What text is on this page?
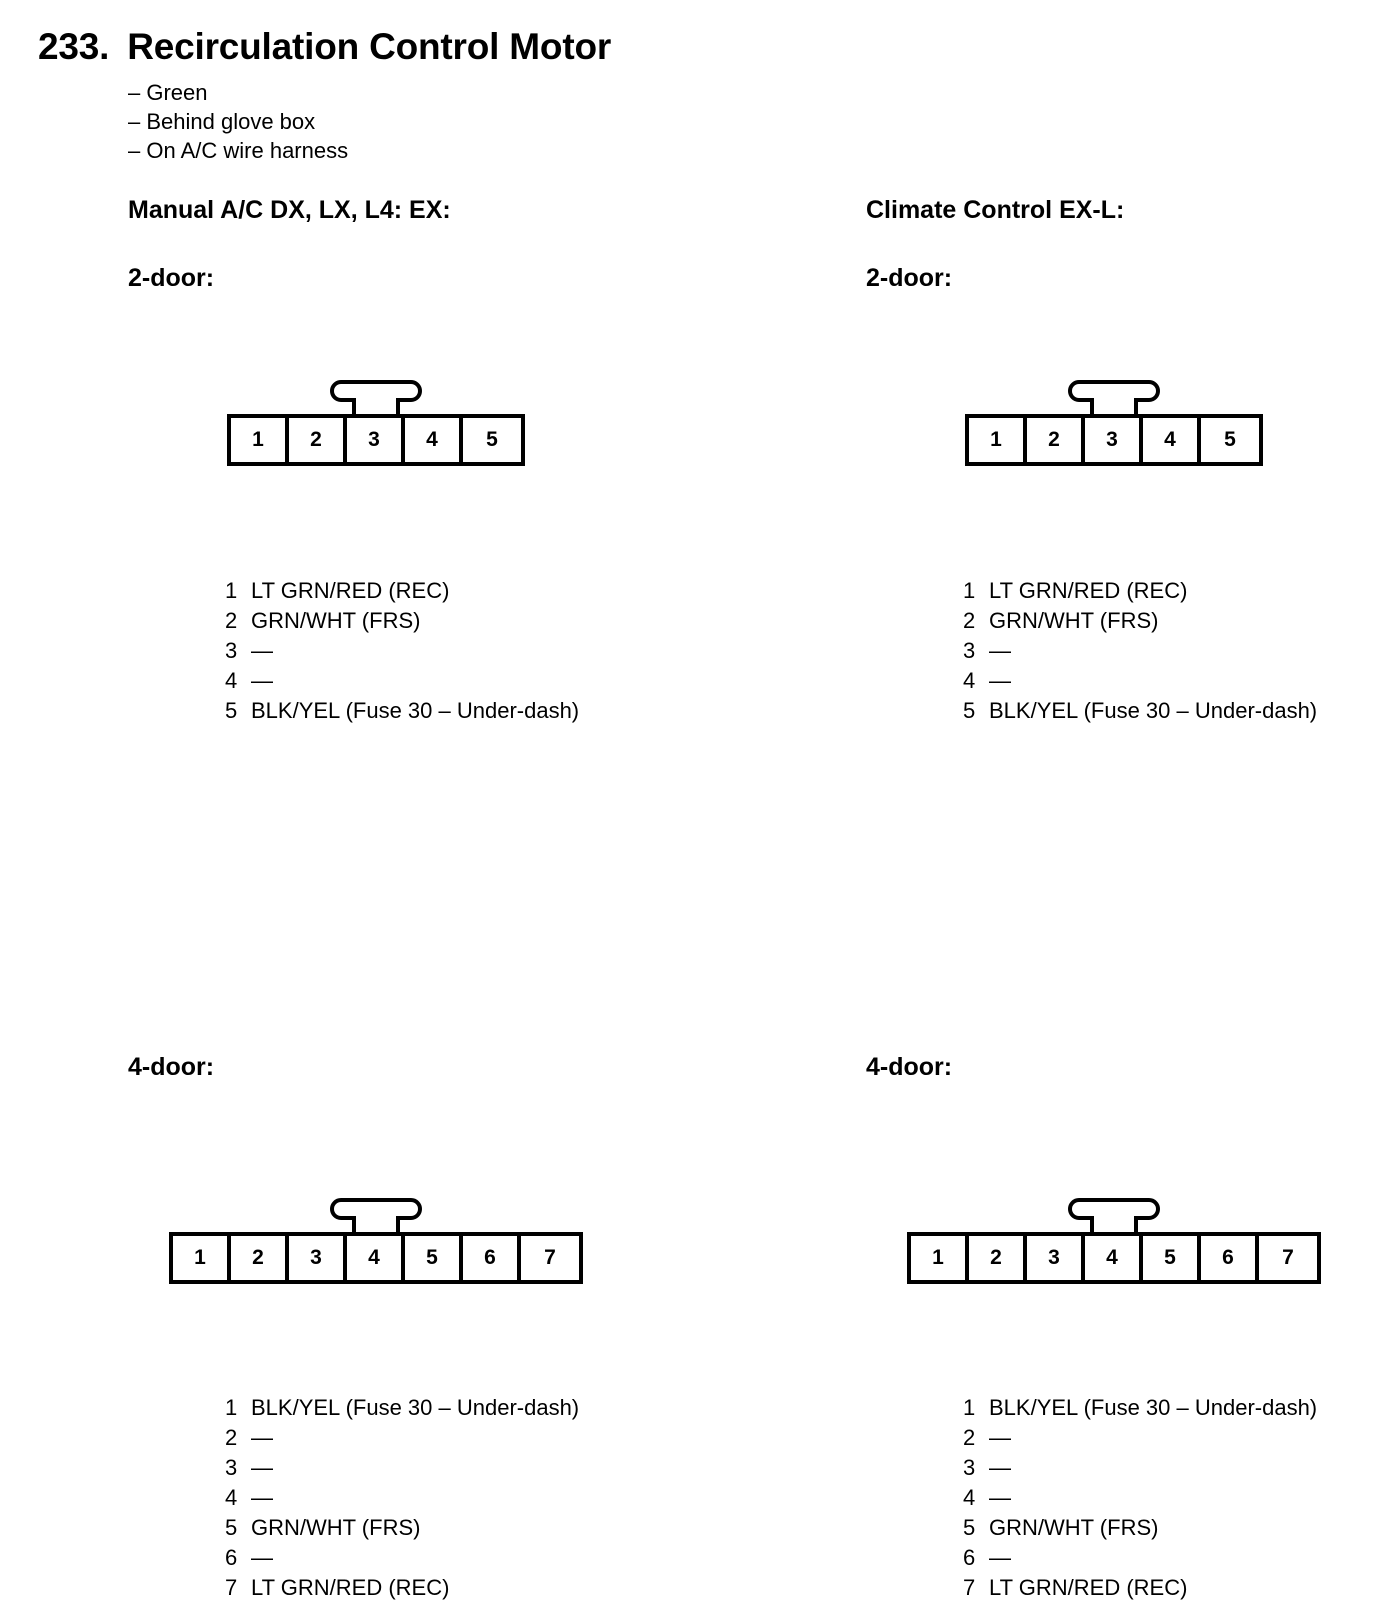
233. Recirculation Control Motor
– Green
– Behind glove box
– On A/C wire harness
Manual A/C DX, LX, L4: EX:	Climate Control EX-L:
2-door:	2-door:
4-door:	4-door:
1	2	3	4	5	1	2	3	4	5
1	2	3	4	5	6	7	1	2	3	4	5	6	7
1 LT GRN/RED (REC)
2 GRN/WHT (FRS)
3 —
4 —
5 BLK/YEL (Fuse 30 – Under-dash)
1 LT GRN/RED (REC)
2 GRN/WHT (FRS)
3 —
4 —
5 BLK/YEL (Fuse 30 – Under-dash)
1 BLK/YEL (Fuse 30 – Under-dash)
2 —
3 —
4 —
5 GRN/WHT (FRS)
6 —
7 LT GRN/RED (REC)
1 BLK/YEL (Fuse 30 – Under-dash)
2 —
3 —
4 —
5 GRN/WHT (FRS)
6 —
7 LT GRN/RED (REC)
